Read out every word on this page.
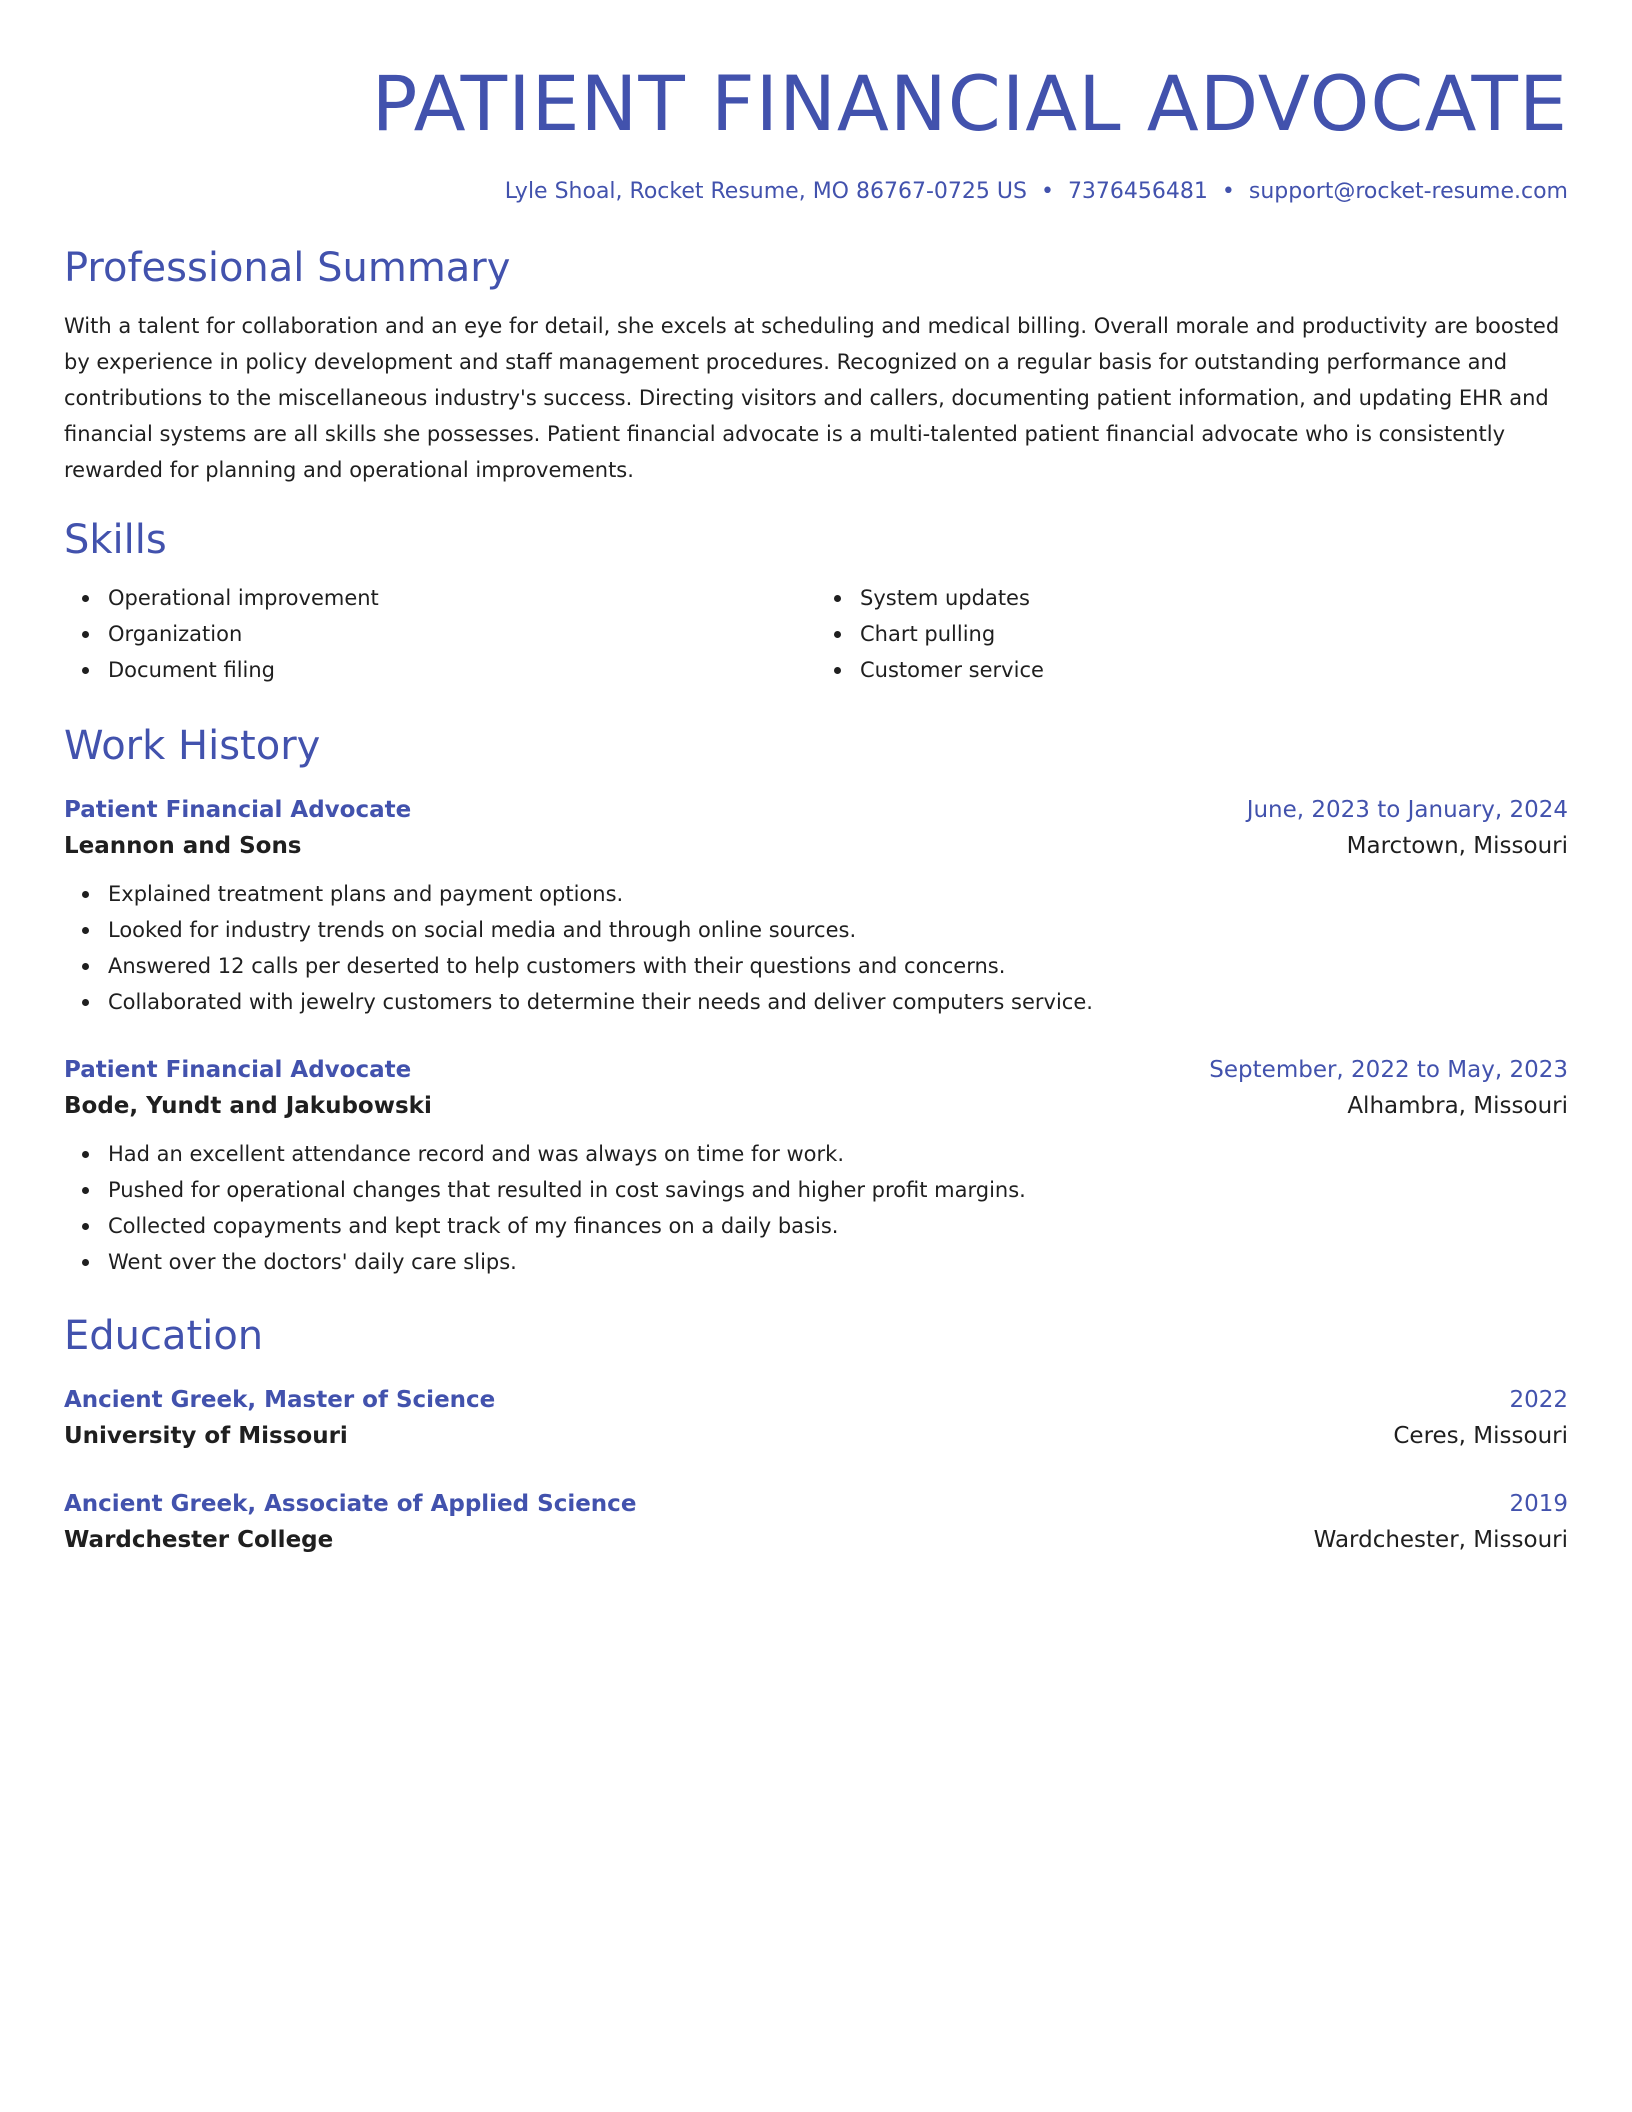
PATIENT FINANCIAL ADVOCATE
Lyle Shoal, Rocket Resume, MO 86767-0725 US • 7376456481 • support@rocket-resume.com
Professional Summary

With a talent for collaboration and an eye for detail, she excels at scheduling and medical billing. Overall morale and productivity are boosted by experience in policy development and staff management procedures. Recognized on a regular basis for outstanding performance and contributions to the miscellaneous industry's success. Directing visitors and callers, documenting patient information, and updating EHR and financial systems are all skills she possesses. Patient financial advocate is a multi-talented patient financial advocate who is consistently rewarded for planning and operational improvements.

Skills
Operational improvement
Organization
Document filing
System updates
Chart pulling
Customer service
Work History
Patient Financial Advocate	June, 2023 to January, 2024
Leannon and Sons	Marctown, Missouri
Explained treatment plans and payment options.
Looked for industry trends on social media and through online sources.
Answered 12 calls per deserted to help customers with their questions and concerns.
Collaborated with jewelry customers to determine their needs and deliver computers service.
Patient Financial Advocate	September, 2022 to May, 2023
Bode, Yundt and Jakubowski	Alhambra, Missouri
Had an excellent attendance record and was always on time for work.
Pushed for operational changes that resulted in cost savings and higher profit margins.
Collected copayments and kept track of my finances on a daily basis.
Went over the doctors' daily care slips.
Education
Ancient Greek, Master of Science	2022
University of Missouri	Ceres, Missouri
Ancient Greek, Associate of Applied Science	2019
Wardchester College	Wardchester, Missouri
